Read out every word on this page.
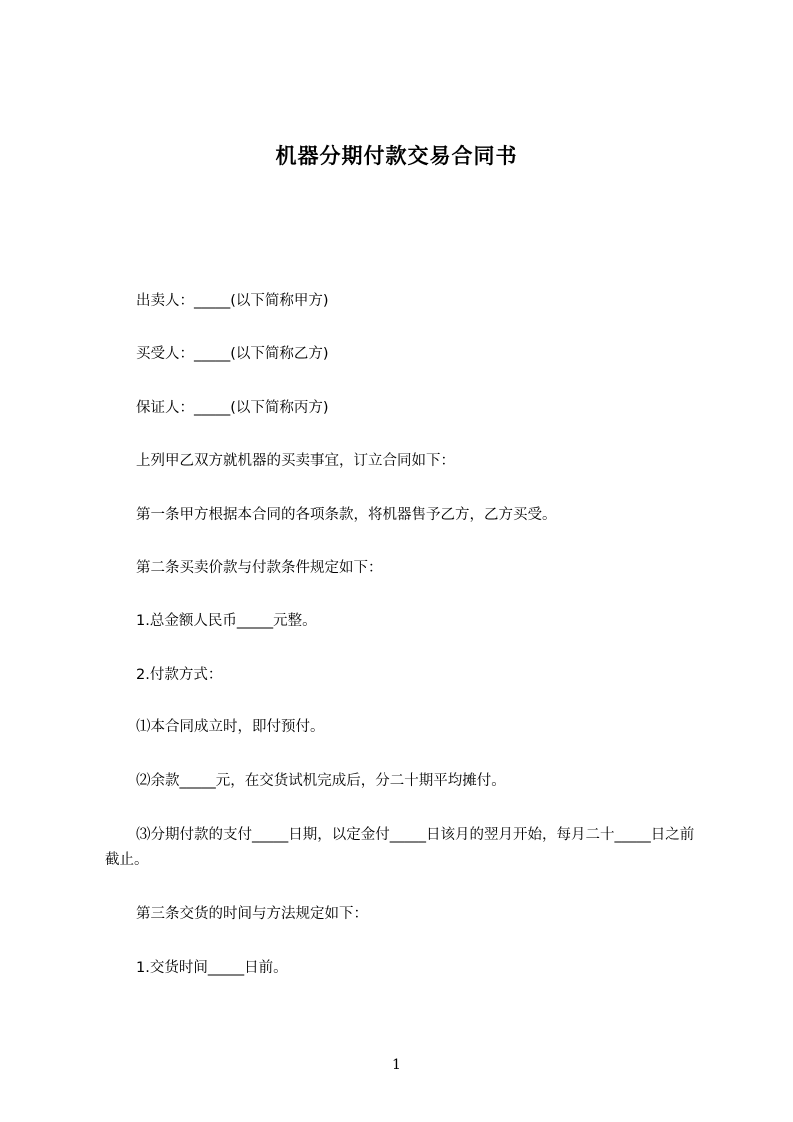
机器分期付款交易合同书
出卖人：_____(以下简称甲方)
买受人：_____(以下简称乙方)
保证人：_____(以下简称丙方)
上列甲乙双方就机器的买卖事宜，订立合同如下：
第一条甲方根据本合同的各项条款，将机器售予乙方，乙方买受。
第二条买卖价款与付款条件规定如下：
1.总金额人民币_____元整。
2.付款方式：
⑴本合同成立时，即付预付。
⑵余款_____元，在交货试机完成后，分二十期平均摊付。
⑶分期付款的支付_____日期，以定金付_____日该月的翌月开始，每月二十_____日之前截止。
第三条交货的时间与方法规定如下：
1.交货时间_____日前。
1
